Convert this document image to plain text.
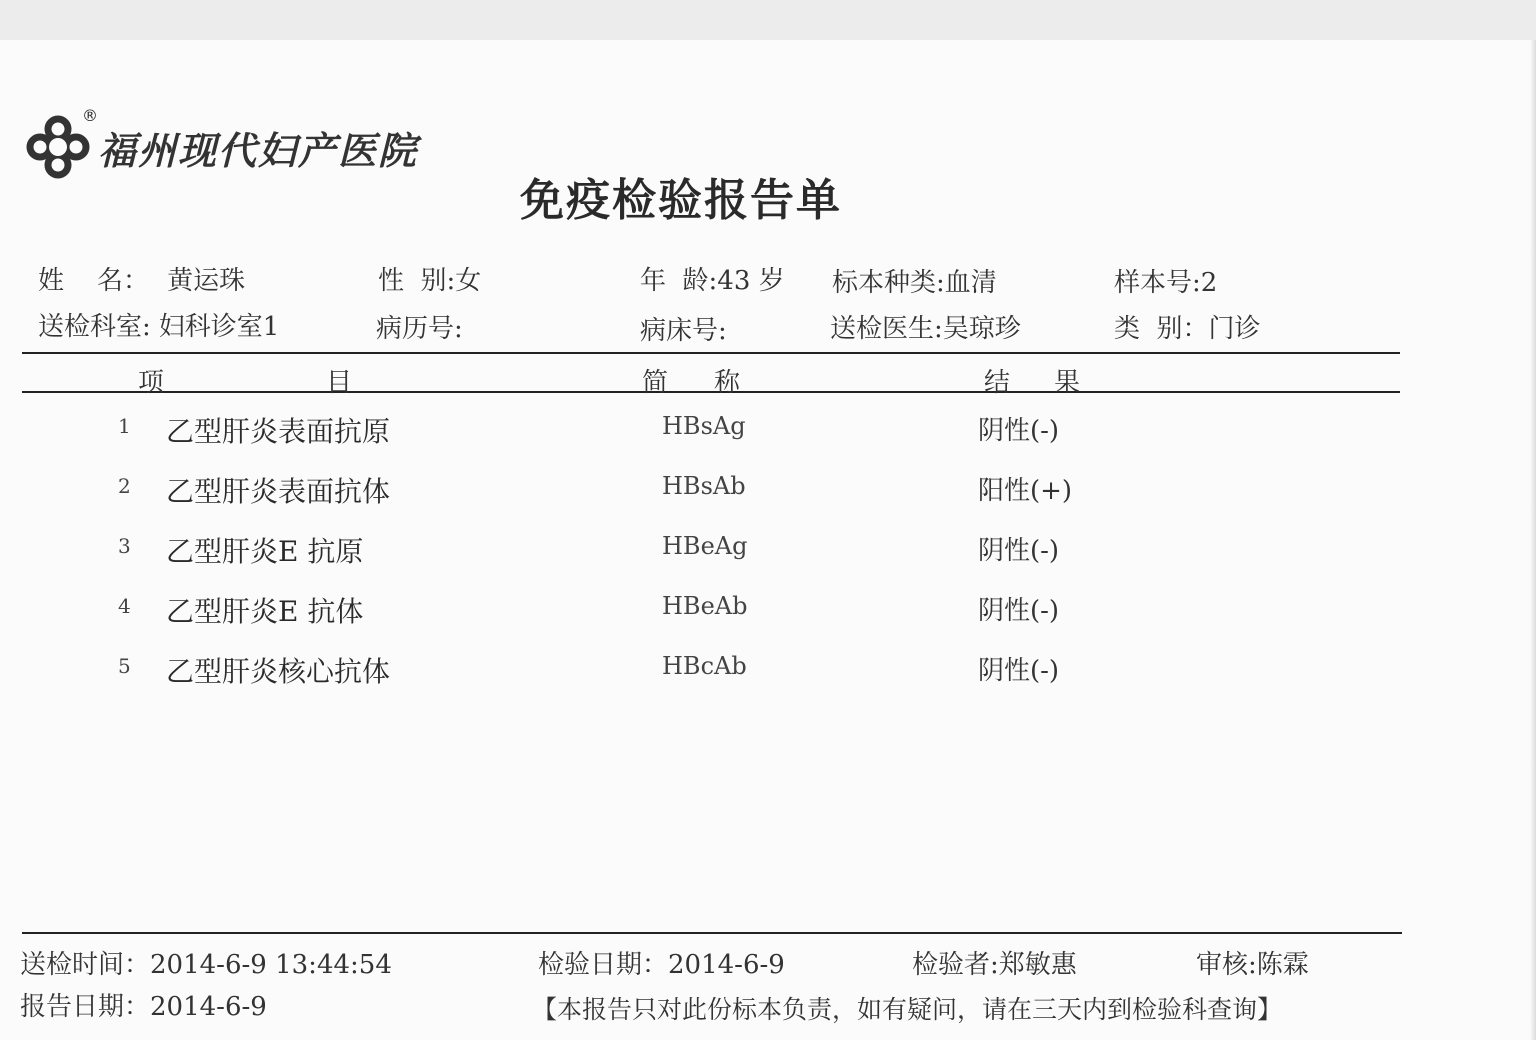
®
福州现代妇产医院
免疫检验报告单
姓    名： 黄运珠	性  别:女	年  龄:43 岁 标本种类:血清	样本号:2
送检科室: 妇科诊室1	病历号:	病床号:	送检医生:吴琼珍	类  别：门诊
项	目	简 称	结 果
1 乙型肝炎表面抗原	HBsAg	阴性(-)
2 乙型肝炎表面抗体	HBsAb	阳性(+)
3 乙型肝炎E 抗原	HBeAg	阴性(-)
4 乙型肝炎E 抗体	HBeAb	阴性(-)
5 乙型肝炎核心抗体	HBcAb	阴性(-)
送检时间：2014-6-9 13:44:54	检验日期：2014-6-9	检验者:郑敏惠	审核:陈霖
报告日期：2014-6-9	【本报告只对此份标本负责，如有疑问，请在三天内到检验科查询】
